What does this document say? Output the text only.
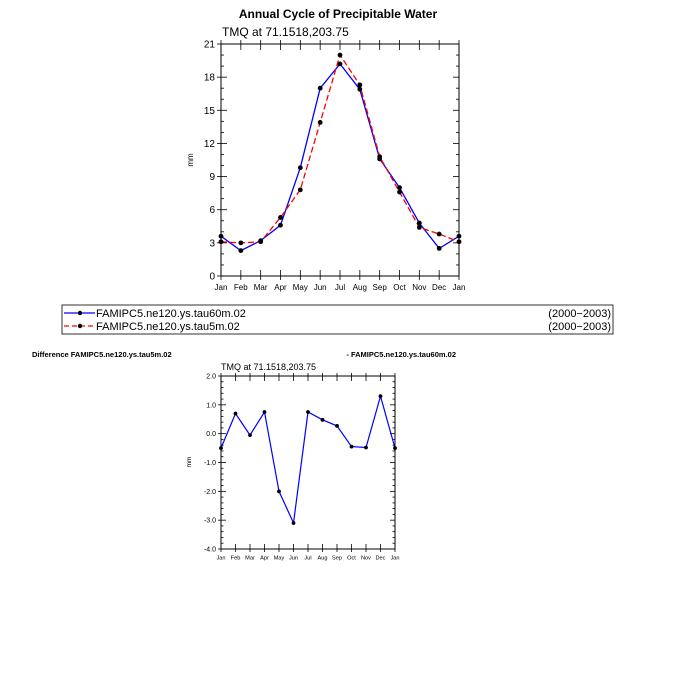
Annual Cycle of Precipitable Water
TMQ at 71.1518,203.75
mm
0
3
6
9
12
15
18
21
Jan Feb Mar Apr May Jun Jul Aug Sep Oct Nov Dec Jan
FAMIPC5.ne120.ys.tau60m.02	(2000−2003)
FAMIPC5.ne120.ys.tau5m.02	(2000−2003)
Difference FAMIPC5.ne120.ys.tau5m.02	- FAMIPC5.ne120.ys.tau60m.02
TMQ at 71.1518,203.75
mm
-4.0
-3.0
-2.0
-1.0
0.0
1.0
2.0
Jan Feb Mar Apr May Jun Jul Aug Sep Oct Nov Dec Jan
